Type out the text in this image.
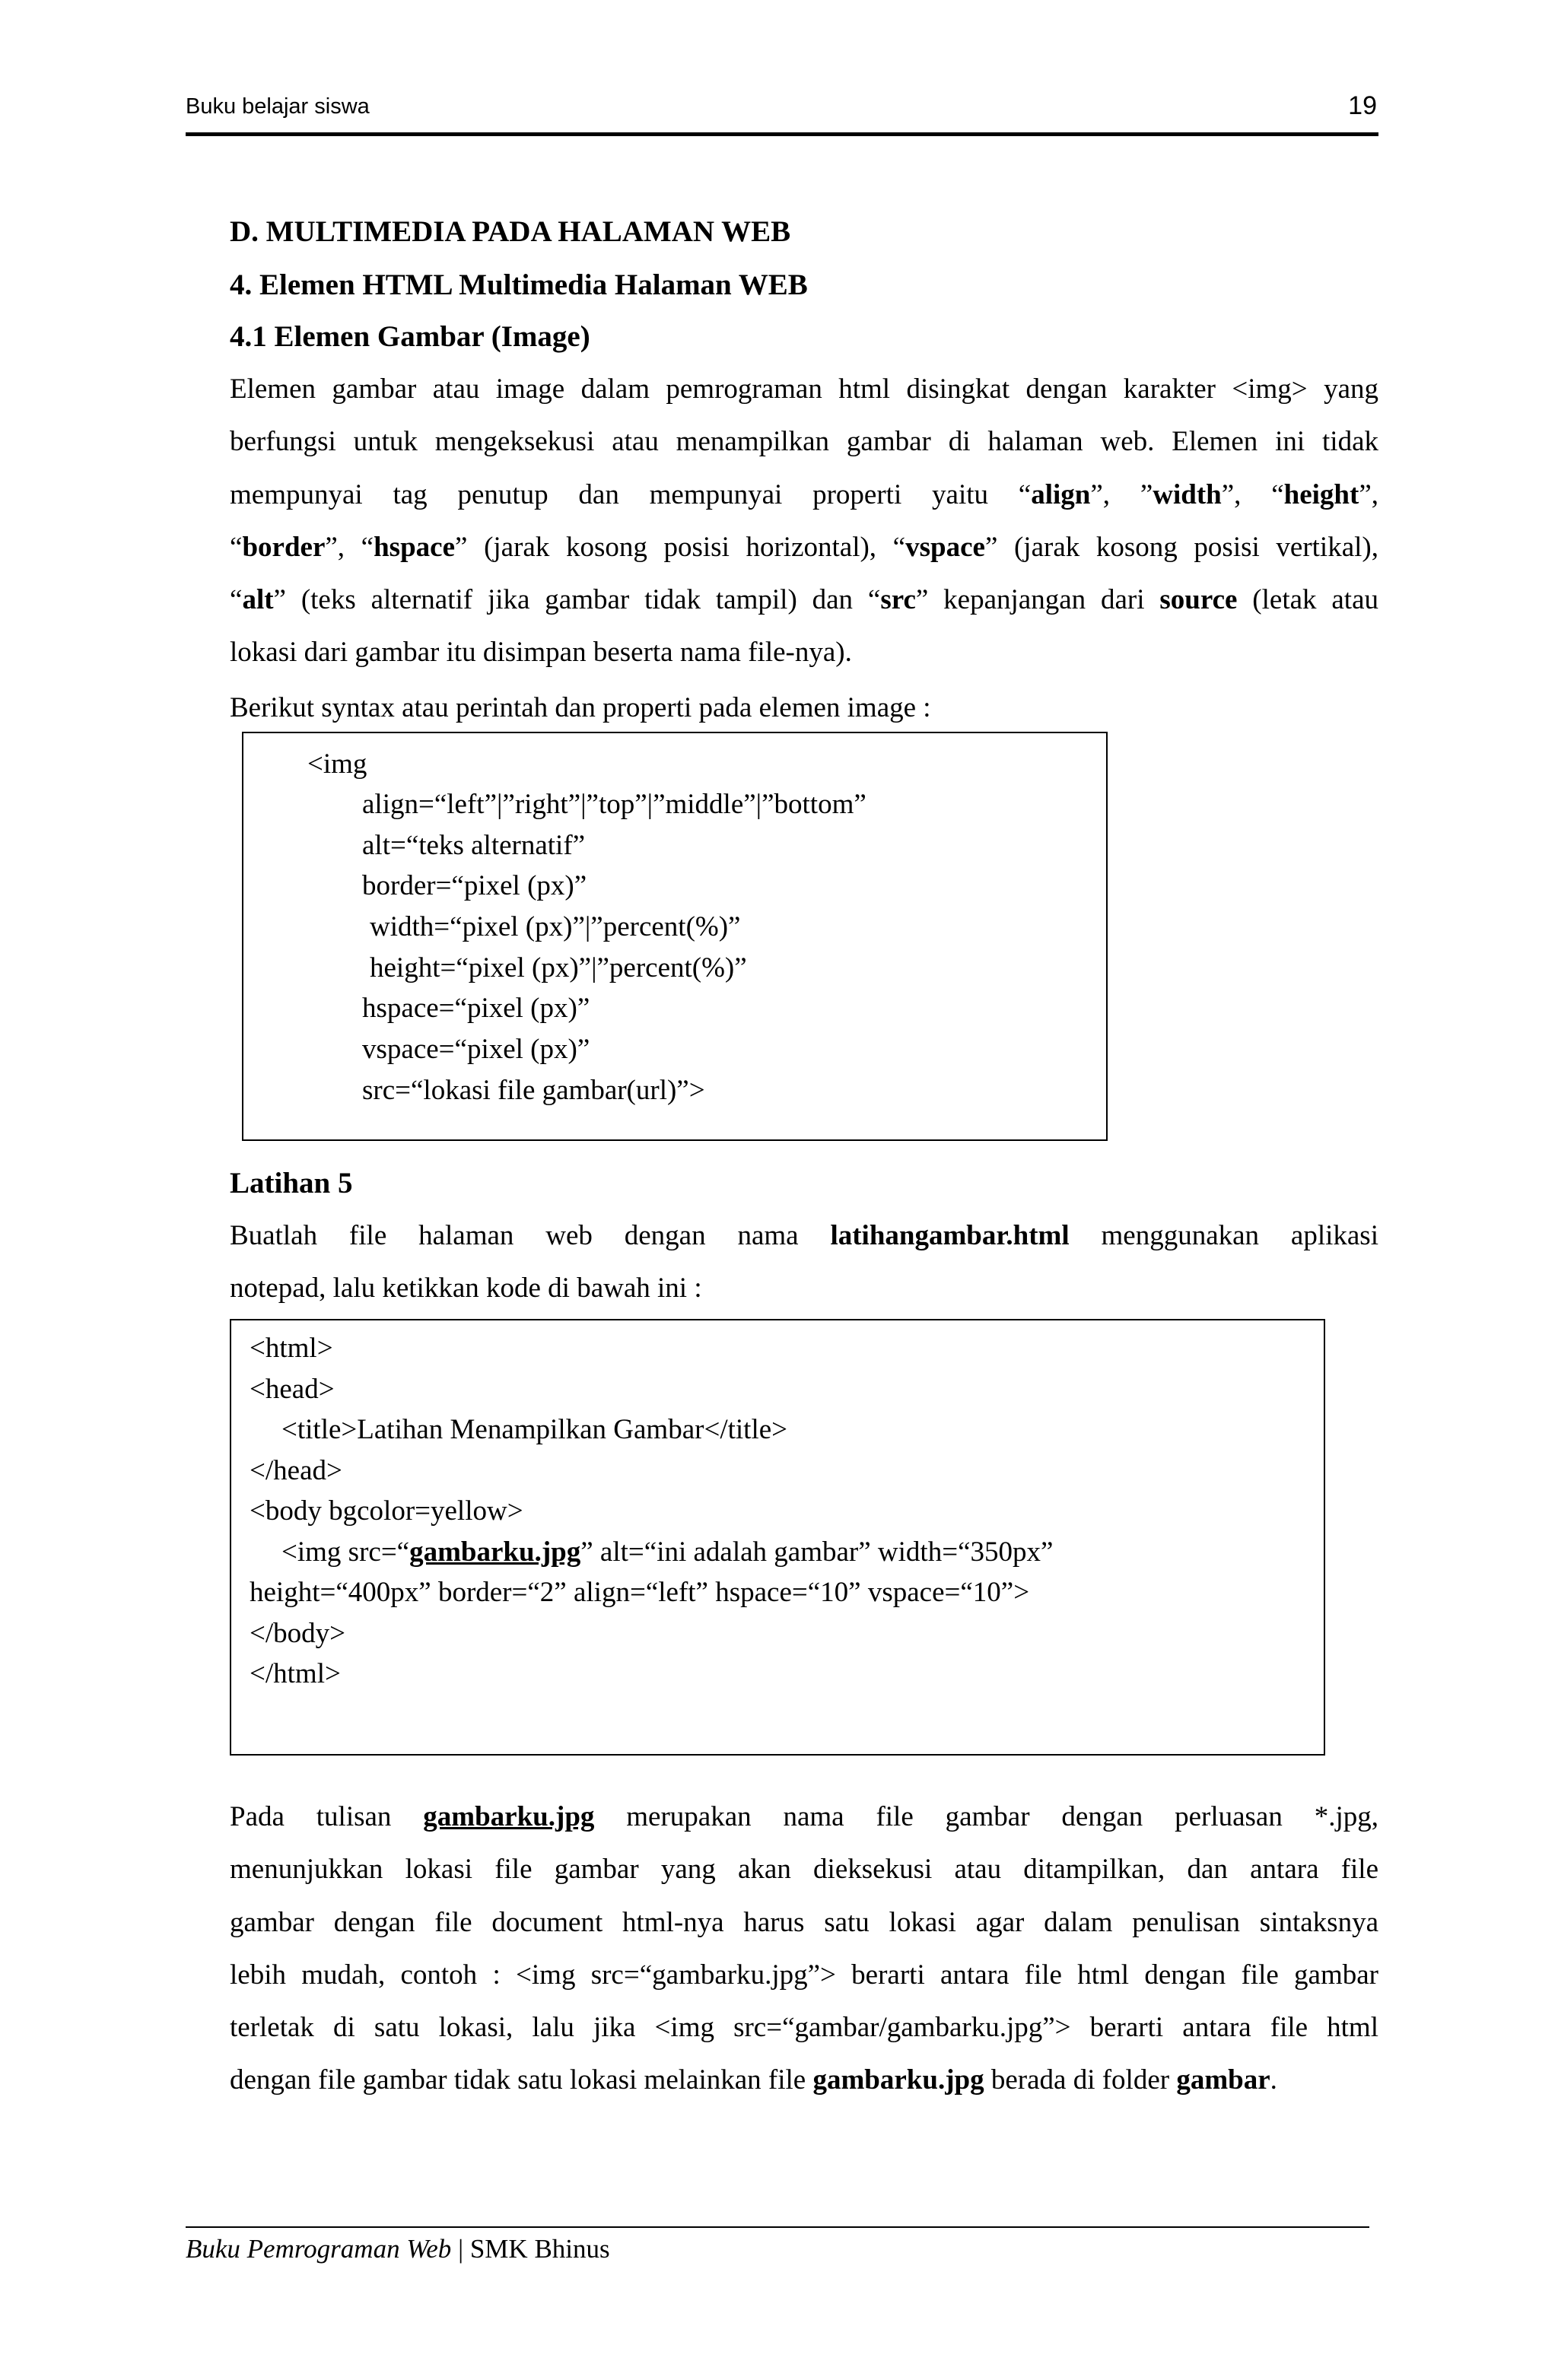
Buku belajar siswa	19
D. MULTIMEDIA PADA HALAMAN WEB
4. Elemen HTML Multimedia Halaman WEB
4.1 Elemen Gambar (Image)
Elemen gambar atau image dalam pemrograman html disingkat dengan karakter <img> yang
berfungsi untuk mengeksekusi atau menampilkan gambar di halaman web. Elemen ini tidak
mempunyai tag penutup dan mempunyai properti yaitu “align”, ”width”, “height”,
“border”, “hspace” (jarak kosong posisi horizontal), “vspace” (jarak kosong posisi vertikal),
“alt” (teks alternatif jika gambar tidak tampil) dan “src” kepanjangan dari source (letak atau
lokasi dari gambar itu disimpan beserta nama file-nya).
Berikut syntax atau perintah dan properti pada elemen image :
<img
align=“left”|”right”|”top”|”middle”|”bottom”
alt=“teks alternatif”
border=“pixel (px)”
width=“pixel (px)”|”percent(%)”
height=“pixel (px)”|”percent(%)”
hspace=“pixel (px)”
vspace=“pixel (px)”
src=“lokasi file gambar(url)”>
Latihan 5
Buatlah file halaman web dengan nama latihangambar.html menggunakan aplikasi
notepad, lalu ketikkan kode di bawah ini :
<html>
<head>
<title>Latihan Menampilkan Gambar</title>
</head>
<body bgcolor=yellow>
<img src=“gambarku.jpg” alt=“ini adalah gambar” width=“350px”
height=“400px” border=“2” align=“left” hspace=“10” vspace=“10”>
</body>
</html>
Pada tulisan gambarku.jpg merupakan nama file gambar dengan perluasan *.jpg,
menunjukkan lokasi file gambar yang akan dieksekusi atau ditampilkan, dan antara file
gambar dengan file document html-nya harus satu lokasi agar dalam penulisan sintaksnya
lebih mudah, contoh : <img src=“gambarku.jpg”> berarti antara file html dengan file gambar
terletak di satu lokasi, lalu jika <img src=“gambar/gambarku.jpg”> berarti antara file html
dengan file gambar tidak satu lokasi melainkan file gambarku.jpg berada di folder gambar.
Buku Pemrograman Web | SMK Bhinus
